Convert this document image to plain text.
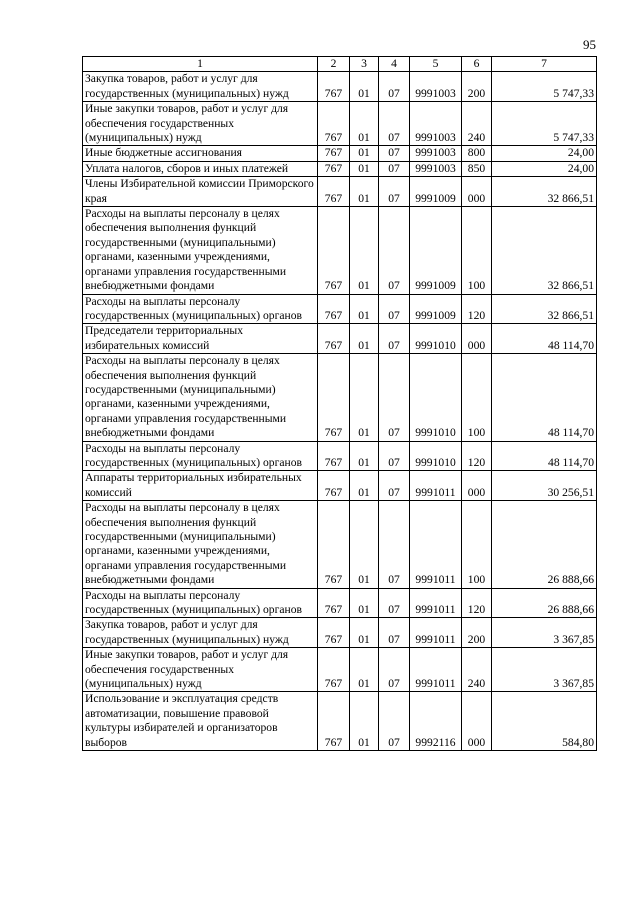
95
1	2	3	4	5	6	7
Закупка товаров, работ и услуг для государственных (муниципальных) нужд	767	01	07	9991003	200	5 747,33
Иные закупки товаров, работ и услуг для обеспечения государственных (муниципальных) нужд	767	01	07	9991003	240	5 747,33
Иные бюджетные ассигнования	767	01	07	9991003	800	24,00
Уплата налогов, сборов и иных платежей	767	01	07	9991003	850	24,00
Члены Избирательной комиссии Приморского края	767	01	07	9991009	000	32 866,51
Расходы на выплаты персоналу в целях обеспечения выполнения функций государственными (муниципальными) органами, казенными учреждениями, органами управления государственными внебюджетными фондами	767	01	07	9991009	100	32 866,51
Расходы на выплаты персоналу государственных (муниципальных) органов	767	01	07	9991009	120	32 866,51
Председатели территориальных избирательных комиссий	767	01	07	9991010	000	48 114,70
Расходы на выплаты персоналу в целях обеспечения выполнения функций государственными (муниципальными) органами, казенными учреждениями, органами управления государственными внебюджетными фондами	767	01	07	9991010	100	48 114,70
Расходы на выплаты персоналу государственных (муниципальных) органов	767	01	07	9991010	120	48 114,70
Аппараты территориальных избирательных комиссий	767	01	07	9991011	000	30 256,51
Расходы на выплаты персоналу в целях обеспечения выполнения функций государственными (муниципальными) органами, казенными учреждениями, органами управления государственными внебюджетными фондами	767	01	07	9991011	100	26 888,66
Расходы на выплаты персоналу государственных (муниципальных) органов	767	01	07	9991011	120	26 888,66
Закупка товаров, работ и услуг для государственных (муниципальных) нужд	767	01	07	9991011	200	3 367,85
Иные закупки товаров, работ и услуг для обеспечения государственных (муниципальных) нужд	767	01	07	9991011	240	3 367,85
Использование и эксплуатация средств автоматизации, повышение правовой культуры избирателей и организаторов выборов	767	01	07	9992116	000	584,80
